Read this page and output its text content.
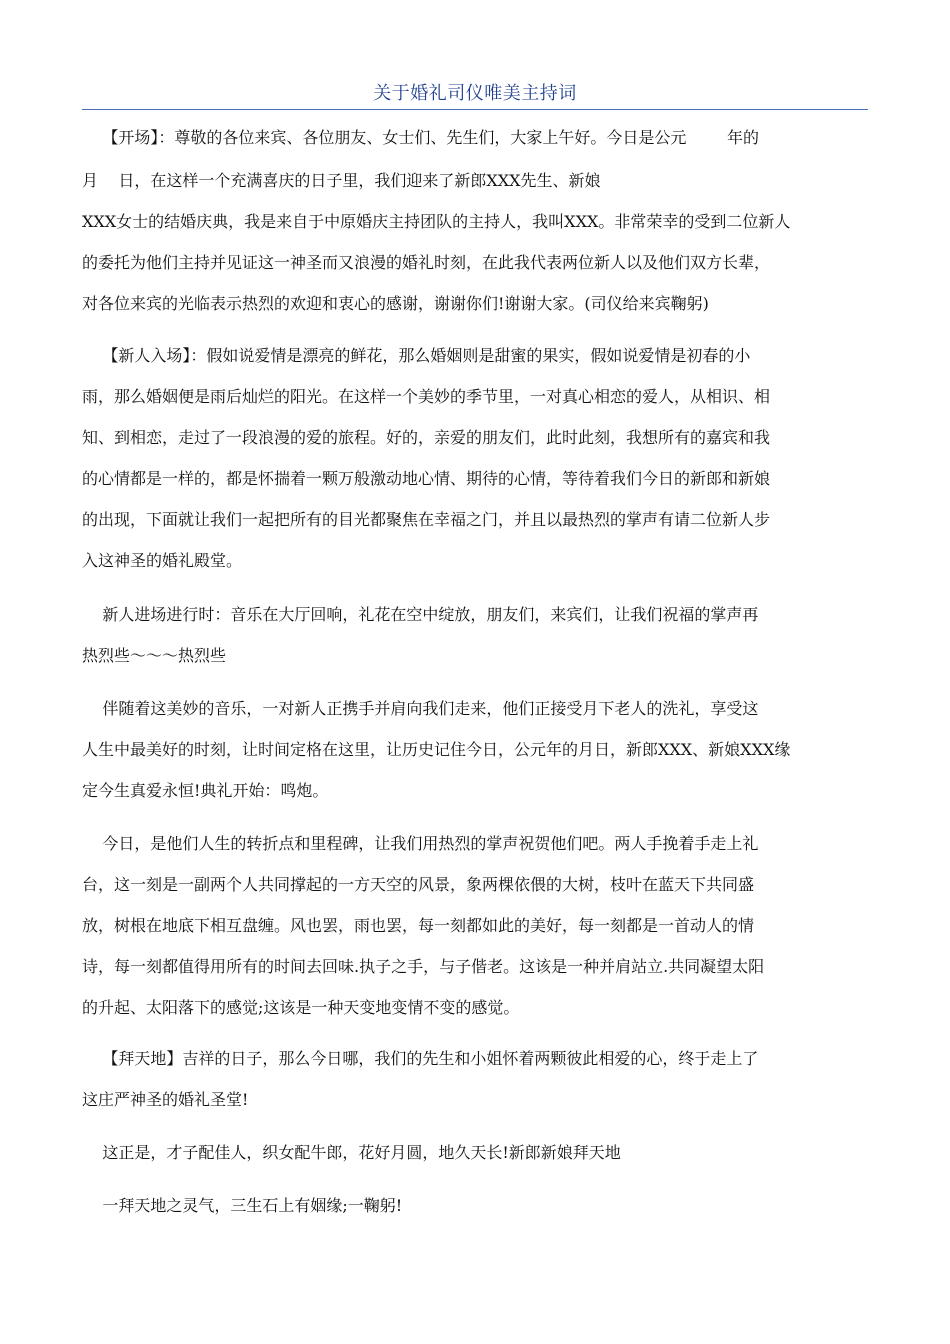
关于婚礼司仪唯美主持词
【开场】：尊敬的各位来宾、各位朋友、女士们、先生们，大家上午好。今日是公元        年的
月    日，在这样一个充满喜庆的日子里，我们迎来了新郎XXX先生、新娘
XXX女士的结婚庆典，我是来自于中原婚庆主持团队的主持人，我叫XXX。非常荣幸的受到二位新人
的委托为他们主持并见证这一神圣而又浪漫的婚礼时刻，在此我代表两位新人以及他们双方长辈，
对各位来宾的光临表示热烈的欢迎和衷心的感谢，谢谢你们!谢谢大家。(司仪给来宾鞠躬)
【新人入场】：假如说爱情是漂亮的鲜花，那么婚姻则是甜蜜的果实，假如说爱情是初春的小
雨，那么婚姻便是雨后灿烂的阳光。在这样一个美妙的季节里，一对真心相恋的爱人，从相识、相
知、到相恋，走过了一段浪漫的爱的旅程。好的，亲爱的朋友们，此时此刻，我想所有的嘉宾和我
的心情都是一样的，都是怀揣着一颗万般激动地心情、期待的心情，等待着我们今日的新郎和新娘
的出现，下面就让我们一起把所有的目光都聚焦在幸福之门，并且以最热烈的掌声有请二位新人步
入这神圣的婚礼殿堂。
新人进场进行时：音乐在大厅回响，礼花在空中绽放，朋友们，来宾们，让我们祝福的掌声再
热烈些～～～热烈些
伴随着这美妙的音乐，一对新人正携手并肩向我们走来，他们正接受月下老人的洗礼，享受这
人生中最美好的时刻，让时间定格在这里，让历史记住今日，公元年的月日，新郎XXX、新娘XXX缘
定今生真爱永恒!典礼开始：鸣炮。
今日，是他们人生的转折点和里程碑，让我们用热烈的掌声祝贺他们吧。两人手挽着手走上礼
台，这一刻是一副两个人共同撑起的一方天空的风景，象两棵依偎的大树，枝叶在蓝天下共同盛
放，树根在地底下相互盘缠。风也罢，雨也罢，每一刻都如此的美好，每一刻都是一首动人的情
诗，每一刻都值得用所有的时间去回味.执子之手，与子偕老。这该是一种并肩站立.共同凝望太阳
的升起、太阳落下的感觉;这该是一种天变地变情不变的感觉。
【拜天地】吉祥的日子，那么今日哪，我们的先生和小姐怀着两颗彼此相爱的心，终于走上了
这庄严神圣的婚礼圣堂!
这正是，才子配佳人，织女配牛郎，花好月圆，地久天长!新郎新娘拜天地
一拜天地之灵气，三生石上有姻缘;一鞠躬!
